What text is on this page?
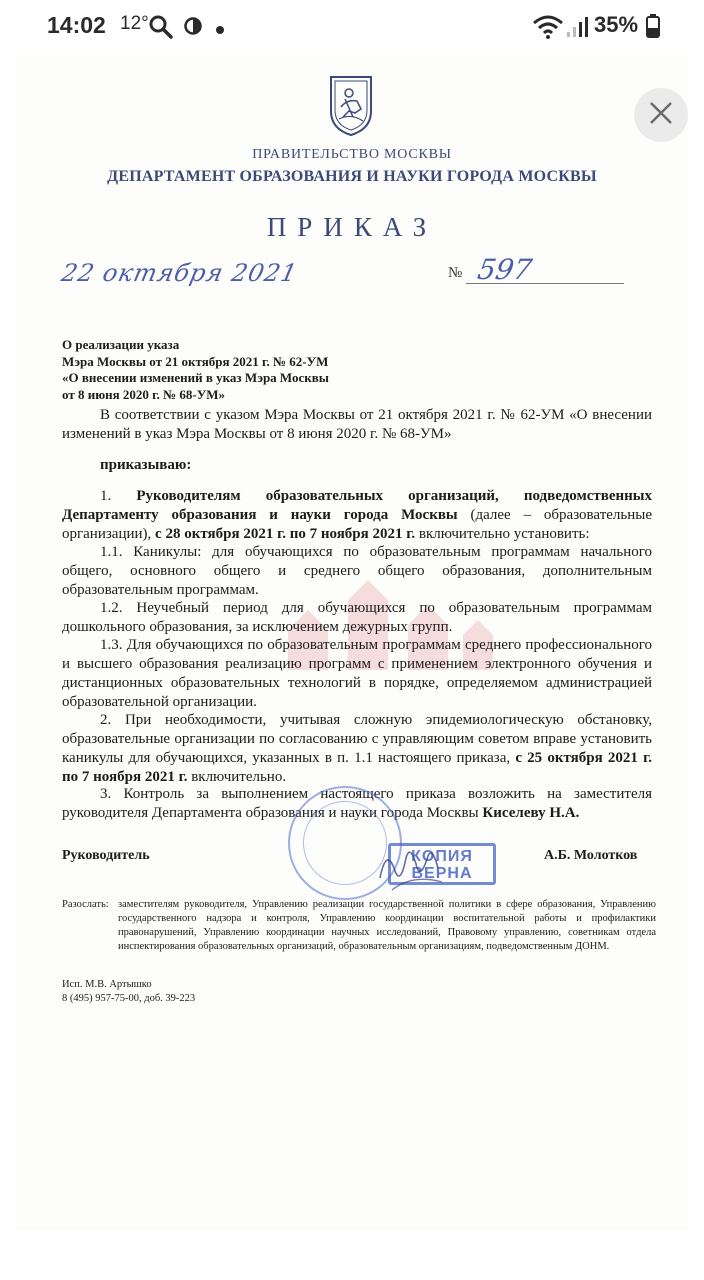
14:02 12°	35%
ПРАВИТЕЛЬСТВО МОСКВЫ
ДЕПАРТАМЕНТ ОБРАЗОВАНИЯ И НАУКИ ГОРОДА МОСКВЫ
ПРИКАЗ
22 октября 2021	№ 597
О реализации указа
Мэра Москвы от 21 октября 2021 г. № 62-УМ
«О внесении изменений в указ Мэра Москвы
от 8 июня 2020 г. № 68-УМ»
В соответствии с указом Мэра Москвы от 21 октября 2021 г. № 62-УМ «О внесении изменений в указ Мэра Москвы от 8 июня 2020 г. № 68-УМ»
приказываю:
1. Руководителям образовательных организаций, подведомственных Департаменту образования и науки города Москвы (далее – образовательные организации), с 28 октября 2021 г. по 7 ноября 2021 г. включительно установить:
1.1. Каникулы: для обучающихся по образовательным программам начального общего, основного общего и среднего общего образования, дополнительным образовательным программам.
1.2. Неучебный период для обучающихся по образовательным программам дошкольного образования, за исключением дежурных групп.
1.3. Для обучающихся по образовательным программам среднего профессионального и высшего образования реализацию программ с применением электронного обучения и дистанционных образовательных технологий в порядке, определяемом администрацией образовательной организации.
2. При необходимости, учитывая сложную эпидемиологическую обстановку, образовательные организации по согласованию с управляющим советом вправе установить каникулы для обучающихся, указанных в п. 1.1 настоящего приказа, с 25 октября 2021 г. по 7 ноября 2021 г. включительно.
3. Контроль за выполнением настоящего приказа возложить на заместителя руководителя Департамента образования и науки города Москвы Киселеву Н.А.
КОПИЯ
ВЕРНА
Руководитель	А.Б. Молотков
Разослать: заместителям руководителя, Управлению реализации государственной политики в сфере образования, Управлению государственного надзора и контроля, Управлению координации воспитательной работы и профилактики правонарушений, Управлению координации научных исследований, Правовому управлению, советникам отдела инспектирования образовательных организаций, образовательным организациям, подведомственным ДОНМ.
Исп. М.В. Артышко
8 (495) 957-75-00, доб. 39-223
